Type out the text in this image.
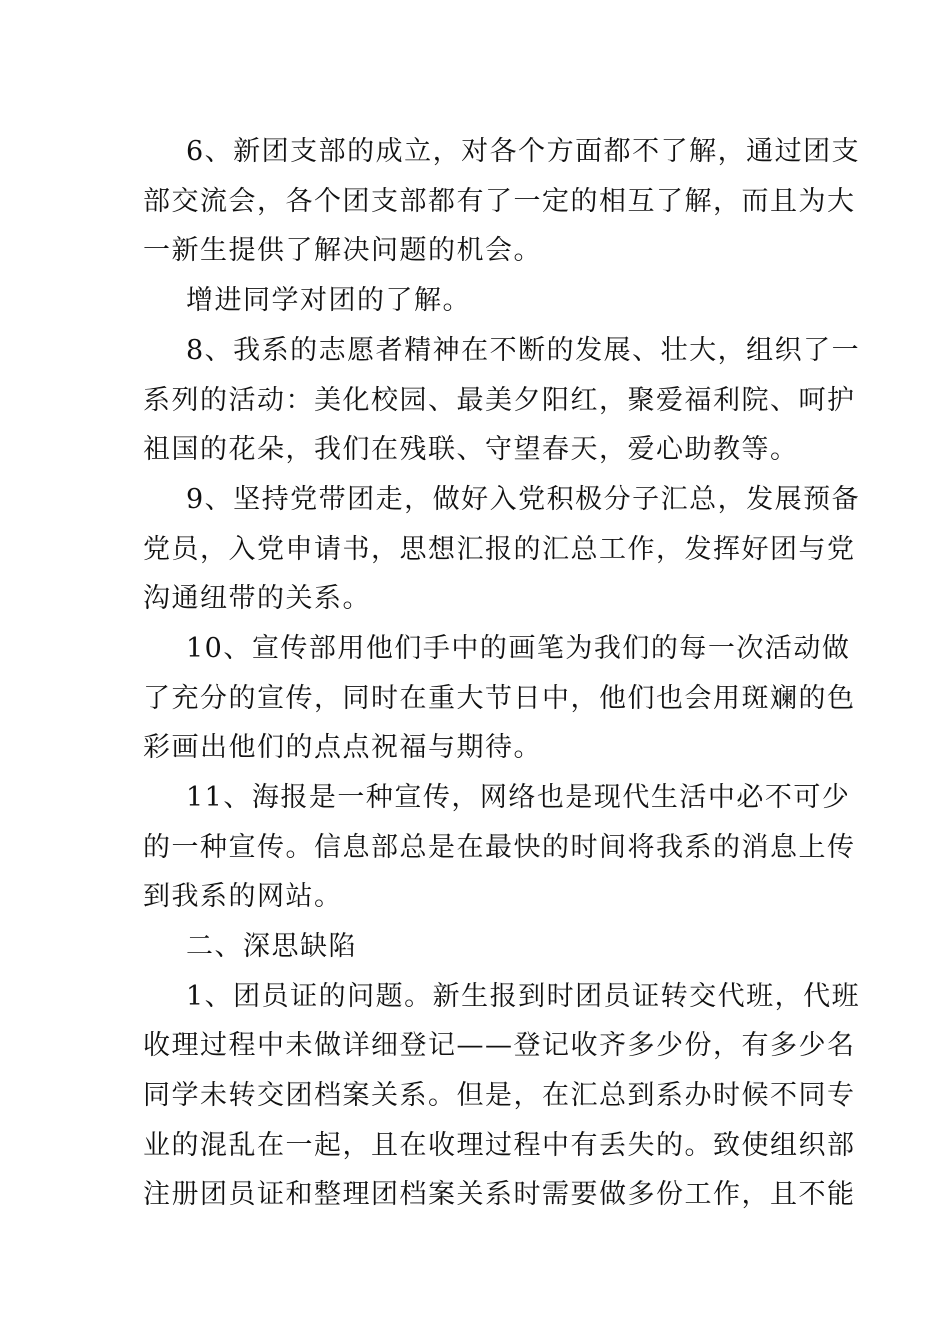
6、新团支部的成立，对各个方面都不了解，通过团支
部交流会，各个团支部都有了一定的相互了解，而且为大
一新生提供了解决问题的机会。
增进同学对团的了解。
8、我系的志愿者精神在不断的发展、壮大，组织了一
系列的活动：美化校园、最美夕阳红，聚爱福利院、呵护
祖国的花朵，我们在残联、守望春天，爱心助教等。
9、坚持党带团走，做好入党积极分子汇总，发展预备
党员，入党申请书，思想汇报的汇总工作，发挥好团与党
沟通纽带的关系。
10、宣传部用他们手中的画笔为我们的每一次活动做
了充分的宣传，同时在重大节日中，他们也会用斑斓的色
彩画出他们的点点祝福与期待。
11、海报是一种宣传，网络也是现代生活中必不可少
的一种宣传。信息部总是在最快的时间将我系的消息上传
到我系的网站。
二、深思缺陷
1、团员证的问题。新生报到时团员证转交代班，代班
收理过程中未做详细登记——登记收齐多少份，有多少名
同学未转交团档案关系。但是，在汇总到系办时候不同专
业的混乱在一起，且在收理过程中有丢失的。致使组织部
注册团员证和整理团档案关系时需要做多份工作，且不能
